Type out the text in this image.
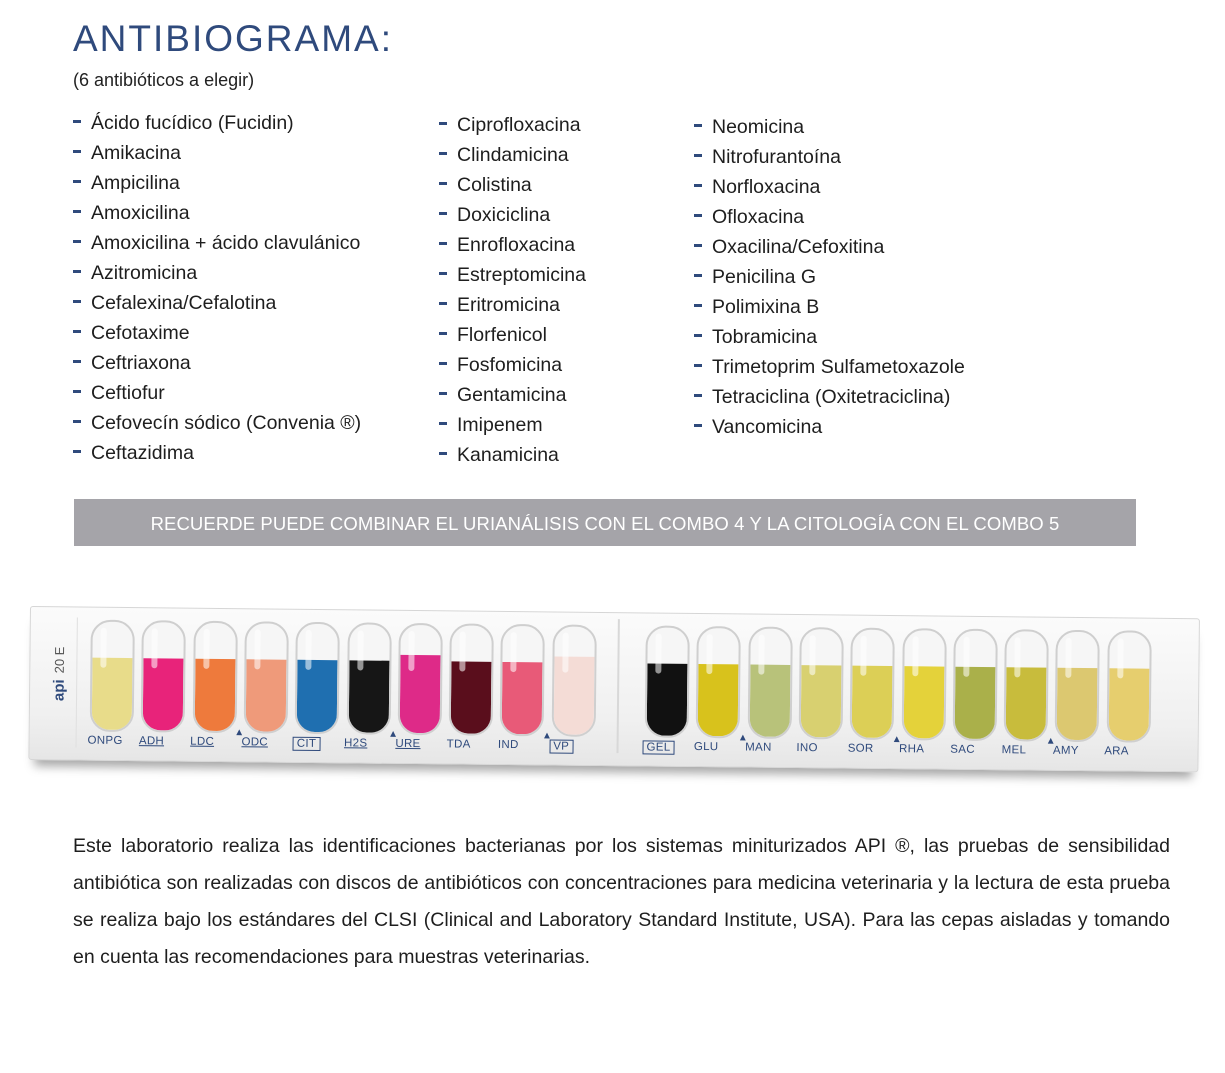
ANTIBIOGRAMA:
(6 antibióticos a elegir)
Ácido fucídico (Fucidin)
Amikacina
Ampicilina
Amoxicilina
Amoxicilina + ácido clavulánico
Azitromicina
Cefalexina/Cefalotina
Cefotaxime
Ceftriaxona
Ceftiofur
Cefovecín sódico (Convenia ®)
Ceftazidima
Ciprofloxacina
Clindamicina
Colistina
Doxiciclina
Enrofloxacina
Estreptomicina
Eritromicina
Florfenicol
Fosfomicina
Gentamicina
Imipenem
Kanamicina
Neomicina
Nitrofurantoína
Norfloxacina
Ofloxacina
Oxacilina/Cefoxitina
Penicilina G
Polimixina B
Tobramicina
Trimetoprim Sulfametoxazole
Tetraciclina (Oxitetraciclina)
Vancomicina
RECUERDE PUEDE COMBINAR EL URIANÁLISIS CON EL COMBO 4 Y LA CITOLOGÍA CON EL COMBO 5
api20 E
ONPG ADH LDC ODC	CIT	H2S URE TDA IND	VP	GEL	GLU MAN INO	SOR RHA SAC MEL AMY ARA
▲	▲	▲	▲	▲	▲

Este laboratorio realiza las identificaciones bacterianas por los sistemas miniturizados API ®, las pruebas de sensibilidad antibiótica son realizadas con discos de antibióticos con concentraciones para medicina veterinaria y la lectura de esta prueba se realiza bajo los estándares del CLSI (Clinical and Laboratory Standard Institute, USA). Para las cepas aisladas y tomando en cuenta las recomendaciones para muestras veterinarias.
